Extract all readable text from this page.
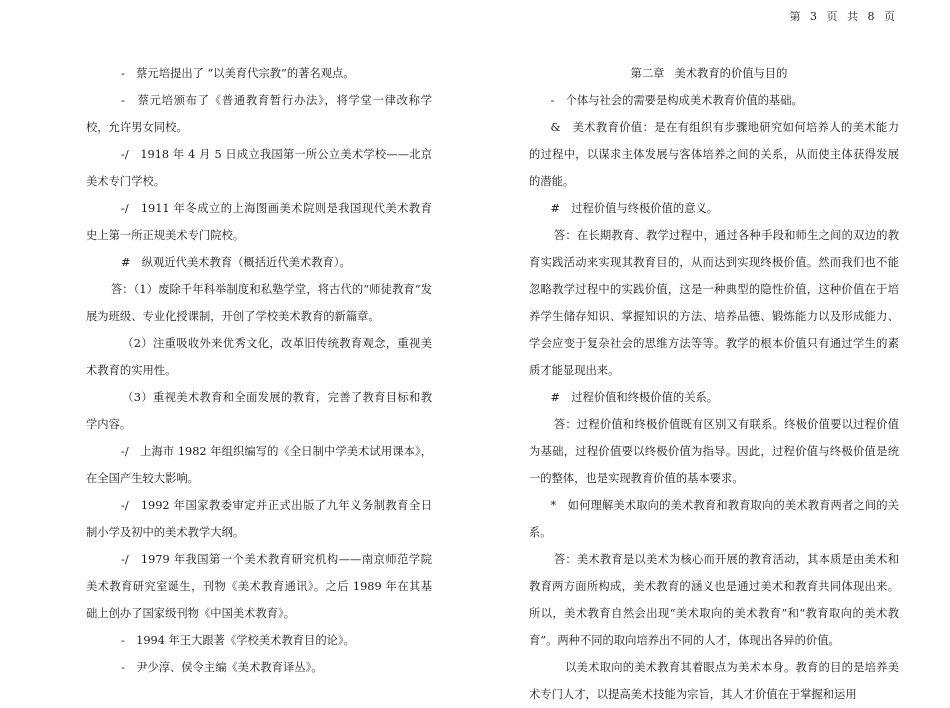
第 3 页 共 8 页

-　蔡元培提出了 “以美育代宗教”的著名观点。

-　蔡元培颁布了《普通教育暂行办法》，将学堂一律改称学校，允许男女同校。

-/　1918 年 4 月 5 日成立我国第一所公立美术学校——北京美术专门学校。

-/　1911 年冬成立的上海图画美术院则是我国现代美术教育史上第一所正规美术专门院校。

#　纵观近代美术教育（概括近代美术教育）。

答：（1）废除千年科举制度和私塾学堂，将古代的“师徒教育”发展为班级、专业化授课制，开创了学校美术教育的新篇章。

（2）注重吸收外来优秀文化，改革旧传统教育观念，重视美术教育的实用性。

（3）重视美术教育和全面发展的教育，完善了教育目标和教学内容。

-/　上海市 1982 年组织编写的《全日制中学美术试用课本》，在全国产生较大影响。

-/　1992 年国家教委审定并正式出版了九年义务制教育全日制小学及初中的美术教学大纲。

-/　1979 年我国第一个美术教育研究机构——南京师范学院美术教育研究室诞生，刊物《美术教育通讯》。之后 1989 年在其基础上创办了国家级刊物《中国美术教育》。

-　1994 年王大跟著《学校美术教育目的论》。

-　尹少淳、侯令主编《美术教育译丛》。

第二章 美术教育的价值与目的

-　个体与社会的需要是构成美术教育价值的基础。

&　美术教育价值：是在有组织有步骤地研究如何培养人的美术能力的过程中，以谋求主体发展与客体培养之间的关系，从而使主体获得发展的潜能。

#　过程价值与终极价值的意义。

答：在长期教育、教学过程中，通过各种手段和师生之间的双边的教育实践活动来实现其教育目的，从而达到实现终极价值。然而我们也不能忽略教学过程中的实践价值，这是一种典型的隐性价值，这种价值在于培养学生储存知识、掌握知识的方法、培养品德、锻炼能力以及形成能力、学会应变于复杂社会的思维方法等等。教学的根本价值只有通过学生的素质才能显现出来。

#　过程价值和终极价值的关系。

答：过程价值和终极价值既有区别又有联系。终极价值要以过程价值为基础，过程价值要以终极价值为指导。因此，过程价值与终极价值是统一的整体，也是实现教育价值的基本要求。

*　如何理解美术取向的美术教育和教育取向的美术教育两者之间的关系。

答：美术教育是以美术为核心而开展的教育活动，其本质是由美术和教育两方面所构成，美术教育的涵义也是通过美术和教育共同体现出来。所以，美术教育自然会出现“美术取向的美术教育”和“教育取向的美术教育”。两种不同的取向培养出不同的人才，体现出各异的价值。

以美术取向的美术教育其着眼点为美术本身。教育的目的是培养美术专门人才，以提高美术技能为宗旨，其人才价值在于掌握和运用
